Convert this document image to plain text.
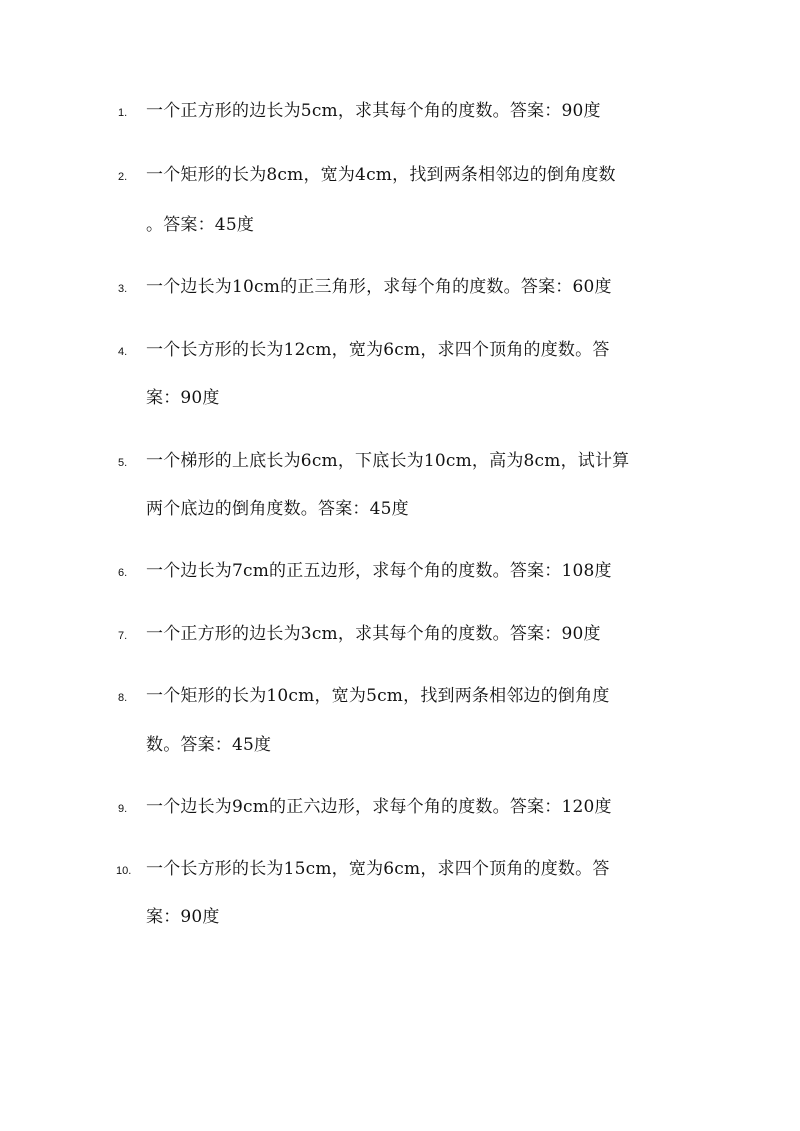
1. 一个正方形的边长为5cm，求其每个角的度数。答案：90度
2. 一个矩形的长为8cm，宽为4cm，找到两条相邻边的倒角度数
。答案：45度
3. 一个边长为10cm的正三角形，求每个角的度数。答案：60度
4. 一个长方形的长为12cm，宽为6cm，求四个顶角的度数。答
案：90度
5. 一个梯形的上底长为6cm，下底长为10cm，高为8cm，试计算
两个底边的倒角度数。答案：45度
6. 一个边长为7cm的正五边形，求每个角的度数。答案：108度
7. 一个正方形的边长为3cm，求其每个角的度数。答案：90度
8. 一个矩形的长为10cm，宽为5cm，找到两条相邻边的倒角度
数。答案：45度
9. 一个边长为9cm的正六边形，求每个角的度数。答案：120度
10. 一个长方形的长为15cm，宽为6cm，求四个顶角的度数。答
案：90度
